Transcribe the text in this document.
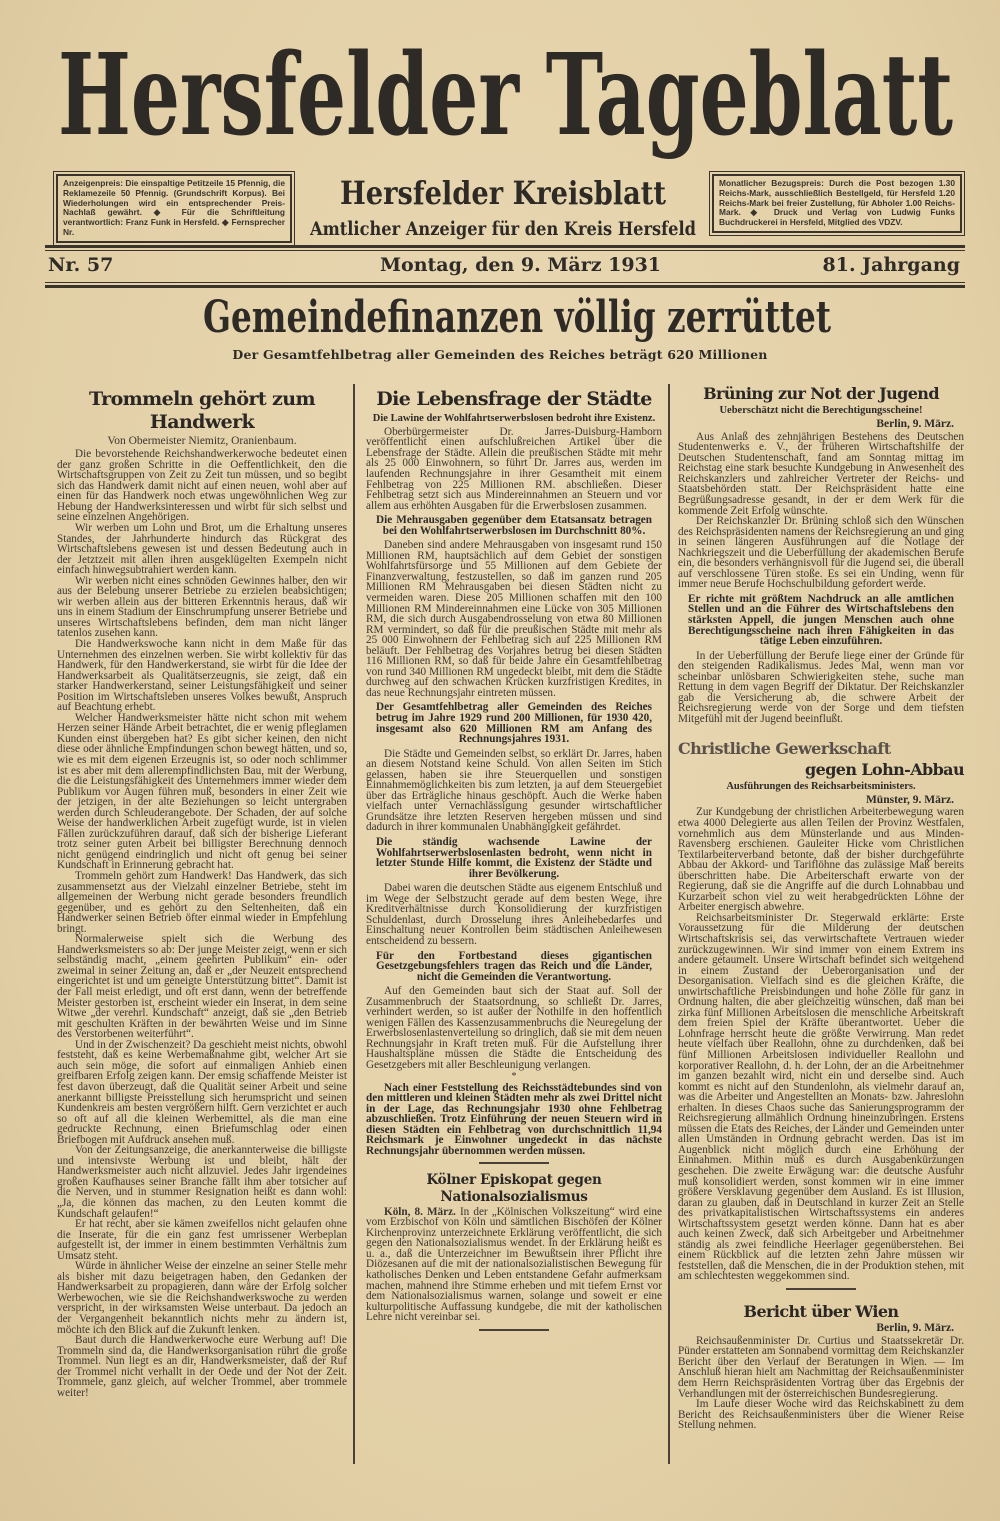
Hersfelder Tageblatt
Anzeigenpreis: Die einspaltige Petitzeile 15 Pfennig, die Reklamezeile 50 Pfennig. (Grundschrift Korpus). Bei Wiederholungen wird ein entsprechender Preis-Nachlaß gewährt. ◆ Für die Schriftleitung verantwortlich: Franz Funk in Hersfeld. ◆ Fernsprecher Nr.
Monatlicher Bezugspreis: Durch die Post bezogen 1.30 Reichs-Mark, ausschließlich Bestellgeld, für Hersfeld 1.20 Reichs-Mark bei freier Zustellung, für Abholer 1.00 Reichs-Mark. ◆ Druck und Verlag von Ludwig Funks Buchdruckerei in Hersfeld, Mitglied des VDZV.
Hersfelder Kreisblatt
Amtlicher Anzeiger für den Kreis Hersfeld
Nr. 57	Montag, den 9. März 1931	81. Jahrgang
Gemeindefinanzen völlig zerrüttet
Der Gesamtfehlbetrag aller Gemeinden des Reiches beträgt 620 Millionen
Trommeln gehört zum Handwerk
Von Obermeister Niemitz, Oranienbaum.

Die bevorstehende Reichshandwerkerwoche bedeutet einen der ganz großen Schritte in die Oeffentlichkeit, den die Wirtschaftsgruppen von Zeit zu Zeit tun müssen, und so begibt sich das Handwerk damit nicht auf einen neuen, wohl aber auf einen für das Handwerk noch etwas ungewöhnlichen Weg zur Hebung der Handwerksinteressen und wirbt für sich selbst und seine einzelnen Angehörigen.

Wir werben um Lohn und Brot, um die Erhaltung unseres Standes, der Jahrhunderte hindurch das Rückgrat des Wirtschaftslebens gewesen ist und dessen Bedeutung auch in der Jetztzeit mit allen ihren ausgeklügelten Exempeln nicht einfach hinwegsubtrahiert werden kann.

Wir werben nicht eines schnöden Gewinnes halber, den wir aus der Belebung unserer Betriebe zu erzielen beabsichtigen; wir werben allein aus der bitteren Erkenntnis heraus, daß wir uns in einem Stadium der Einschrumpfung unserer Betriebe und unseres Wirtschaftslebens befinden, dem man nicht länger tatenlos zusehen kann.

Die Handwerkswoche kann nicht in dem Maße für das Unternehmen des einzelnen werben. Sie wirbt kollektiv für das Handwerk, für den Handwerkerstand, sie wirbt für die Idee der Handwerksarbeit als Qualitätserzeugnis, sie zeigt, daß ein starker Handwerkerstand, seiner Leistungsfähigkeit und seiner Position im Wirtschaftsleben unseres Volkes bewußt, Anspruch auf Beachtung erhebt.

Welcher Handwerksmeister hätte nicht schon mit wehem Herzen seiner Hände Arbeit betrachtet, die er wenig pfleglamen Kunden einst übergeben hat? Es gibt sicher keinen, den nicht diese oder ähnliche Empfindungen schon bewegt hätten, und so, wie es mit dem eigenen Erzeugnis ist, so oder noch schlimmer ist es aber mit dem allerempfindlichsten Bau, mit der Werbung, die die Leistungsfähigkeit des Unternehmers immer wieder dem Publikum vor Augen führen muß, besonders in einer Zeit wie der jetzigen, in der alte Beziehungen so leicht untergraben werden durch Schleuderangebote. Der Schaden, der auf solche Weise der handwerklichen Arbeit zugefügt wurde, ist in vielen Fällen zurückzuführen darauf, daß sich der bisherige Lieferant trotz seiner guten Arbeit bei billigster Berechnung dennoch nicht genügend eindringlich und nicht oft genug bei seiner Kundschaft in Erinnerung gebracht hat.

Trommeln gehört zum Handwerk! Das Handwerk, das sich zusammensetzt aus der Vielzahl einzelner Betriebe, steht im allgemeinen der Werbung nicht gerade besonders freundlich gegenüber, und es gehört zu den Seltenheiten, daß ein Handwerker seinen Betrieb öfter einmal wieder in Empfehlung bringt.

Normalerweise spielt sich die Werbung des Handwerksmeisters so ab: Der junge Meister zeigt, wenn er sich selbständig macht, „einem geehrten Publikum“ ein- oder zweimal in seiner Zeitung an, daß er „der Neuzeit entsprechend eingerichtet ist und um geneigte Unterstützung bittet“. Damit ist der Fall meist erledigt, und oft erst dann, wenn der betreffende Meister gestorben ist, erscheint wieder ein Inserat, in dem seine Witwe „der verehrl. Kundschaft“ anzeigt, daß sie „den Betrieb mit geschulten Kräften in der bewährten Weise und im Sinne des Verstorbenen weiterführt“.

Und in der Zwischenzeit? Da geschieht meist nichts, obwohl feststeht, daß es keine Werbemaßnahme gibt, welcher Art sie auch sein möge, die sofort auf einmaligen Anhieb einen greifbaren Erfolg zeigen kann. Der emsig schaffende Meister ist fest davon überzeugt, daß die Qualität seiner Arbeit und seine anerkannt billigste Preisstellung sich herumspricht und seinen Kundenkreis am besten vergrößern hilft. Gern verzichtet er auch so oft auf all die kleinen Werbemittel, als die man eine gedruckte Rechnung, einen Briefumschlag oder einen Briefbogen mit Aufdruck ansehen muß.

Von der Zeitungsanzeige, die anerkannterweise die billigste und intensivste Werbung ist und bleibt, hält der Handwerksmeister auch nicht allzuviel. Jedes Jahr irgendeines großen Kaufhauses seiner Branche fällt ihm aber totsicher auf die Nerven, und in stummer Resignation heißt es dann wohl: „Ja, die können das machen, zu den Leuten kommt die Kundschaft gelaufen!“

Er hat recht, aber sie kämen zweifellos nicht gelaufen ohne die Inserate, für die ein ganz fest umrissener Werbeplan aufgestellt ist, der immer in einem bestimmten Verhältnis zum Umsatz steht.

Würde in ähnlicher Weise der einzelne an seiner Stelle mehr als bisher mit dazu beigetragen haben, den Gedanken der Handwerksarbeit zu propagieren, dann wäre der Erfolg solcher Werbewochen, wie sie die Reichshandwerkswoche zu werden verspricht, in der wirksamsten Weise unterbaut. Da jedoch an der Vergangenheit bekanntlich nichts mehr zu ändern ist, möchte ich den Blick auf die Zukunft lenken.

Baut durch die Handwerkerwoche eure Werbung auf! Die Trommeln sind da, die Handwerksorganisation rührt die große Trommel. Nun liegt es an dir, Handwerksmeister, daß der Ruf der Trommel nicht verhallt in der Oede und der Not der Zeit. Trommele, ganz gleich, auf welcher Trommel, aber trommele weiter!

Die Lebensfrage der Städte
Die Lawine der Wohlfahrtserwerbslosen bedroht ihre Existenz.

Oberbürgermeister Dr. Jarres-Duisburg-Hamborn veröffentlicht einen aufschlußreichen Artikel über die Lebensfrage der Städte. Allein die preußischen Städte mit mehr als 25 000 Einwohnern, so führt Dr. Jarres aus, werden im laufenden Rechnungsjahre in ihrer Gesamtheit mit einem Fehlbetrag von 225 Millionen RM. abschließen. Dieser Fehlbetrag setzt sich aus Mindereinnahmen an Steuern und vor allem aus erhöhten Ausgaben für die Erwerbslosen zusammen.

Die Mehrausgaben gegenüber dem Etatsansatz betragen bei den Wohlfahrtserwerbslosen im Durchschnitt 80%.

Daneben sind andere Mehrausgaben von insgesamt rund 150 Millionen RM, hauptsächlich auf dem Gebiet der sonstigen Wohlfahrtsfürsorge und 55 Millionen auf dem Gebiete der Finanzverwaltung, festzustellen, so daß im ganzen rund 205 Millionen RM Mehrausgaben bei diesen Städten nicht zu vermeiden waren. Diese 205 Millionen schaffen mit den 100 Millionen RM Mindereinnahmen eine Lücke von 305 Millionen RM, die sich durch Ausgabendrosselung von etwa 80 Millionen RM vermindert, so daß für die preußischen Städte mit mehr als 25 000 Einwohnern der Fehlbetrag sich auf 225 Millionen RM beläuft. Der Fehlbetrag des Vorjahres betrug bei diesen Städten 116 Millionen RM, so daß für beide Jahre ein Gesamtfehlbetrag von rund 340 Millionen RM ungedeckt bleibt, mit dem die Städte durchweg auf den schwachen Krücken kurzfristigen Kredites, in das neue Rechnungsjahr eintreten müssen.

Der Gesamtfehlbetrag aller Gemeinden des Reiches betrug im Jahre 1929 rund 200 Millionen, für 1930 420, insgesamt also 620 Millionen RM am Anfang des Rechnungsjahres 1931.

Die Städte und Gemeinden selbst, so erklärt Dr. Jarres, haben an diesem Notstand keine Schuld. Von allen Seiten im Stich gelassen, haben sie ihre Steuerquellen und sonstigen Einnahmemöglichkeiten bis zum letzten, ja auf dem Steuergebiet über das Erträgliche hinaus geschöpft. Auch die Werke haben vielfach unter Vernachlässigung gesunder wirtschaftlicher Grundsätze ihre letzten Reserven hergeben müssen und sind dadurch in ihrer kommunalen Unabhängigkeit gefährdet.

Die ständig wachsende Lawine der Wohlfahrtserwerbslosenlasten bedroht, wenn nicht in letzter Stunde Hilfe kommt, die Existenz der Städte und ihrer Bevölkerung.

Dabei waren die deutschen Städte aus eigenem Entschluß und im Wege der Selbstzucht gerade auf dem besten Wege, ihre Kreditverhältnisse durch Konsolidierung der kurzfristigen Schuldenlast, durch Drosselung ihres Anleihebedarfes und Einschaltung neuer Kontrollen beim städtischen Anleihewesen entscheidend zu bessern.

Für den Fortbestand dieses gigantischen Gesetzgebungsfehlers tragen das Reich und die Länder, nicht die Gemeinden die Verantwortung.

Auf den Gemeinden baut sich der Staat auf. Soll der Zusammenbruch der Staatsordnung, so schließt Dr. Jarres, verhindert werden, so ist außer der Nothilfe in den hoffentlich wenigen Fällen des Kassenzusammenbruchs die Neuregelung der Erwerbslosenlastenverteilung so dringlich, daß sie mit dem neuen Rechnungsjahr in Kraft treten muß. Für die Aufstellung ihrer Haushaltspläne müssen die Städte die Entscheidung des Gesetzgebers mit aller Beschleunigung verlangen.

*

Nach einer Feststellung des Reichsstädtebundes sind von den mittleren und kleinen Städten mehr als zwei Drittel nicht in der Lage, das Rechnungsjahr 1930 ohne Fehlbetrag abzuschließen. Trotz Einführung der neuen Steuern wird in diesen Städten ein Fehlbetrag von durchschnittlich 11,94 Reichsmark je Einwohner ungedeckt in das nächste Rechnungsjahr übernommen werden müssen.

Kölner Episkopat gegen Nationalsozialismus

Köln, 8. März. In der „Kölnischen Volkszeitung“ wird eine vom Erzbischof von Köln und sämtlichen Bischöfen der Kölner Kirchenprovinz unterzeichnete Erklärung veröffentlicht, die sich gegen den Nationalsozialismus wendet. In der Erklärung heißt es u. a., daß die Unterzeichner im Bewußtsein ihrer Pflicht ihre Diözesanen auf die mit der nationalsozialistischen Bewegung für katholisches Denken und Leben entstandene Gefahr aufmerksam machen, mahnend ihre Stimme erheben und mit tiefem Ernst vor dem Nationalsozialismus warnen, solange und soweit er eine kulturpolitische Auffassung kundgebe, die mit der katholischen Lehre nicht vereinbar sei.

Brüning zur Not der Jugend
Ueberschätzt nicht die Berechtigungsscheine!
Berlin, 9. März.

Aus Anlaß des zehnjährigen Bestehens des Deutschen Studentenwerks e. V., der früheren Wirtschaftshilfe der Deutschen Studentenschaft, fand am Sonntag mittag im Reichstag eine stark besuchte Kundgebung in Anwesenheit des Reichskanzlers und zahlreicher Vertreter der Reichs- und Staatsbehörden statt. Der Reichspräsident hatte eine Begrüßungsadresse gesandt, in der er dem Werk für die kommende Zeit Erfolg wünschte.

Der Reichskanzler Dr. Brüning schloß sich den Wünschen des Reichspräsidenten namens der Reichsregierung an und ging in seinen längeren Ausführungen auf die Notlage der Nachkriegszeit und die Ueberfüllung der akademischen Berufe ein, die besonders verhängnisvoll für die Jugend sei, die überall auf verschlossene Türen stoße. Es sei ein Unding, wenn für immer neue Berufe Hochschulbildung gefordert werde.

Er richte mit größtem Nachdruck an alle amtlichen Stellen und an die Führer des Wirtschaftslebens den stärksten Appell, die jungen Menschen auch ohne Berechtigungsscheine nach ihren Fähigkeiten in das tätige Leben einzuführen.

In der Ueberfüllung der Berufe liege einer der Gründe für den steigenden Radikalismus. Jedes Mal, wenn man vor scheinbar unlösbaren Schwierigkeiten stehe, suche man Rettung in dem vagen Begriff der Diktatur. Der Reichskanzler gab die Versicherung ab, die schwere Arbeit der Reichsregierung werde von der Sorge und dem tiefsten Mitgefühl mit der Jugend beeinflußt.

Christliche Gewerkschaft
gegen Lohn-Abbau
Ausführungen des Reichsarbeitsministers.
Münster, 9. März.

Zur Kundgebung der christlichen Arbeiterbewegung waren etwa 4000 Delegierte aus allen Teilen der Provinz Westfalen, vornehmlich aus dem Münsterlande und aus Minden-Ravensberg erschienen. Gauleiter Hicke vom Christlichen Textilarbeiterverband betonte, daß der bisher durchgeführte Abbau der Akkord- und Tariflöhne das zulässige Maß bereits überschritten habe. Die Arbeiterschaft erwarte von der Regierung, daß sie die Angriffe auf die durch Lohnabbau und Kurzarbeit schon viel zu weit herabgedrückten Löhne der Arbeiter energisch abwehre.

Reichsarbeitsminister Dr. Stegerwald erklärte: Erste Voraussetzung für die Milderung der deutschen Wirtschaftskrisis sei, das verwirtschaftete Vertrauen wieder zurückzugewinnen. Wir sind immer von einem Extrem ins andere getaumelt. Unsere Wirtschaft befindet sich weitgehend in einem Zustand der Ueberorganisation und der Desorganisation. Vielfach sind es die gleichen Kräfte, die unwirtschaftliche Preisbindungen und hohe Zölle für ganz in Ordnung halten, die aber gleichzeitig wünschen, daß man bei zirka fünf Millionen Arbeitslosen die menschliche Arbeitskraft dem freien Spiel der Kräfte überantwortet. Ueber die Lohnfrage herrscht heute die größte Verwirrung. Man redet heute vielfach über Reallohn, ohne zu durchdenken, daß bei fünf Millionen Arbeitslosen individueller Reallohn und korporativer Reallohn, d. h. der Lohn, der an die Arbeitnehmer im ganzen bezahlt wird, nicht ein und derselbe sind. Auch kommt es nicht auf den Stundenlohn, als vielmehr darauf an, was die Arbeiter und Angestellten an Monats- bzw. Jahreslohn erhalten. In dieses Chaos suche das Sanierungsprogramm der Reichsregierung allmählich Ordnung hineinzubringen. Erstens müssen die Etats des Reiches, der Länder und Gemeinden unter allen Umständen in Ordnung gebracht werden. Das ist im Augenblick nicht möglich durch eine Erhöhung der Einnahmen. Mithin muß es durch Ausgabenkürzungen geschehen. Die zweite Erwägung war: die deutsche Ausfuhr muß konsolidiert werden, sonst kommen wir in eine immer größere Versklavung gegenüber dem Ausland. Es ist Illusion, daran zu glauben, daß in Deutschland in kurzer Zeit an Stelle des privatkapitalistischen Wirtschaftssystems ein anderes Wirtschaftssystem gesetzt werden könne. Dann hat es aber auch keinen Zweck, daß sich Arbeitgeber und Arbeitnehmer ständig als zwei feindliche Heerlager gegenüberstehen. Bei einem Rückblick auf die letzten zehn Jahre müssen wir feststellen, daß die Menschen, die in der Produktion stehen, mit am schlechtesten weggekommen sind.

Bericht über Wien
Berlin, 9. März.

Reichsaußenminister Dr. Curtius und Staatssekretär Dr. Pünder erstatteten am Sonnabend vormittag dem Reichskanzler Bericht über den Verlauf der Beratungen in Wien. — Im Anschluß hieran hielt am Nachmittag der Reichsaußenminister dem Herrn Reichspräsidenten Vortrag über das Ergebnis der Verhandlungen mit der österreichischen Bundesregierung.

Im Laufe dieser Woche wird das Reichskabinett zu dem Bericht des Reichsaußenministers über die Wiener Reise Stellung nehmen.
